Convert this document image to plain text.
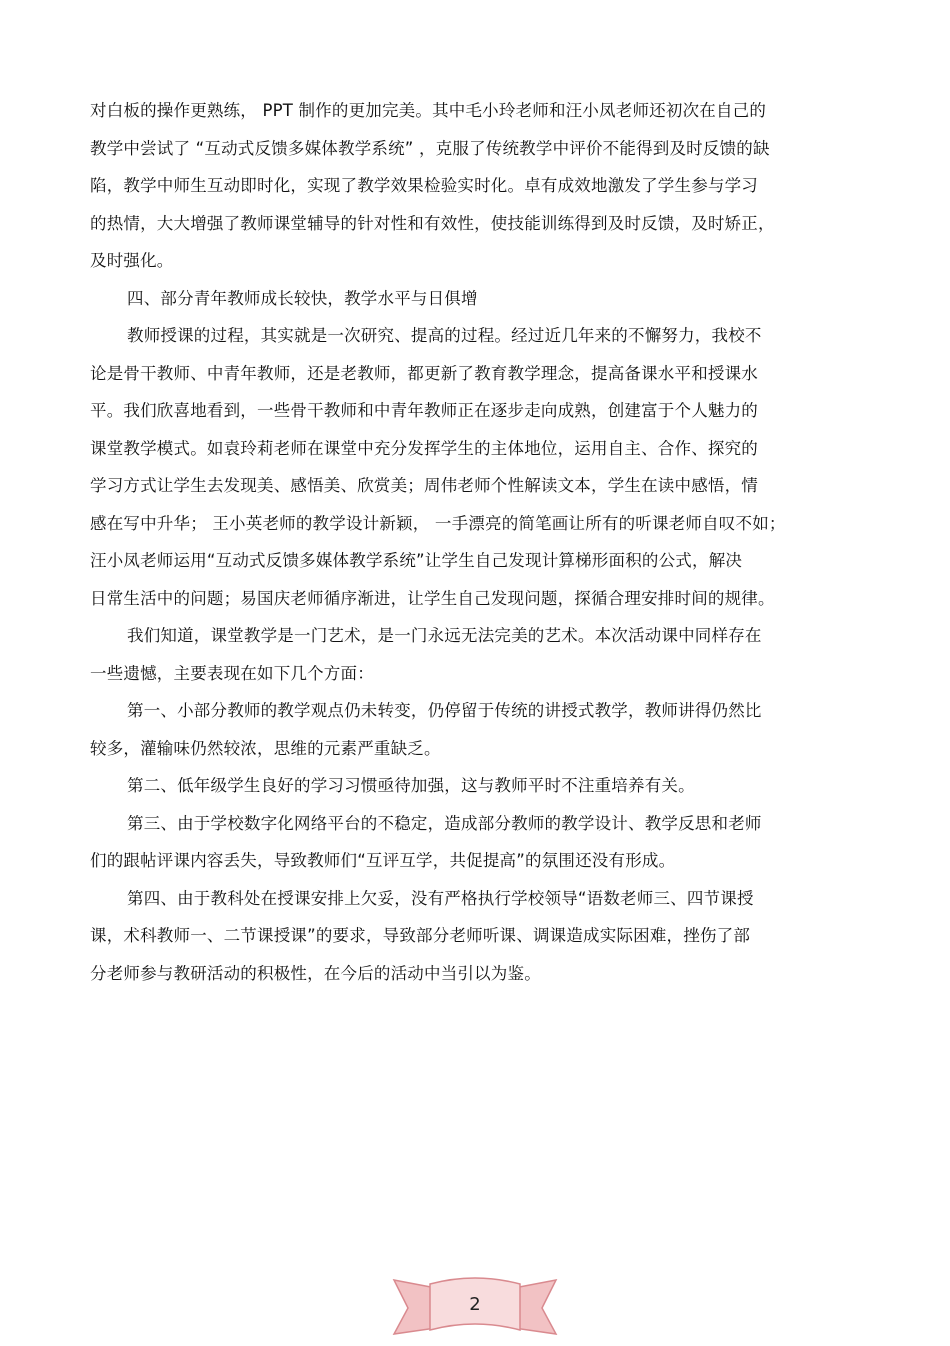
对白板的操作更熟练， PPT 制作的更加完美。其中毛小玲老师和汪小凤老师还初次在自己的
教学中尝试了 “互动式反馈多媒体教学系统” ，克服了传统教学中评价不能得到及时反馈的缺
陷，教学中师生互动即时化，实现了教学效果检验实时化。卓有成效地激发了学生参与学习
的热情，大大增强了教师课堂辅导的针对性和有效性，使技能训练得到及时反馈，及时矫正，
及时强化。
四、部分青年教师成长较快，教学水平与日俱增
教师授课的过程，其实就是一次研究、提高的过程。经过近几年来的不懈努力，我校不
论是骨干教师、中青年教师，还是老教师，都更新了教育教学理念，提高备课水平和授课水
平。我们欣喜地看到，一些骨干教师和中青年教师正在逐步走向成熟，创建富于个人魅力的
课堂教学模式。如袁玲莉老师在课堂中充分发挥学生的主体地位，运用自主、合作、探究的
学习方式让学生去发现美、感悟美、欣赏美；周伟老师个性解读文本，学生在读中感悟，情
感在写中升华； 王小英老师的教学设计新颖， 一手漂亮的简笔画让所有的听课老师自叹不如；
汪小凤老师运用“互动式反馈多媒体教学系统”让学生自己发现计算梯形面积的公式，解决
日常生活中的问题；易国庆老师循序渐进，让学生自己发现问题，探循合理安排时间的规律。
我们知道，课堂教学是一门艺术，是一门永远无法完美的艺术。本次活动课中同样存在
一些遗憾，主要表现在如下几个方面：
第一、小部分教师的教学观点仍未转变，仍停留于传统的讲授式教学，教师讲得仍然比
较多，灌输味仍然较浓，思维的元素严重缺乏。
第二、低年级学生良好的学习习惯亟待加强，这与教师平时不注重培养有关。
第三、由于学校数字化网络平台的不稳定，造成部分教师的教学设计、教学反思和老师
们的跟帖评课内容丢失，导致教师们“互评互学，共促提高”的氛围还没有形成。
第四、由于教科处在授课安排上欠妥，没有严格执行学校领导“语数老师三、四节课授
课，术科教师一、二节课授课”的要求，导致部分老师听课、调课造成实际困难，挫伤了部
分老师参与教研活动的积极性，在今后的活动中当引以为鉴。
2
